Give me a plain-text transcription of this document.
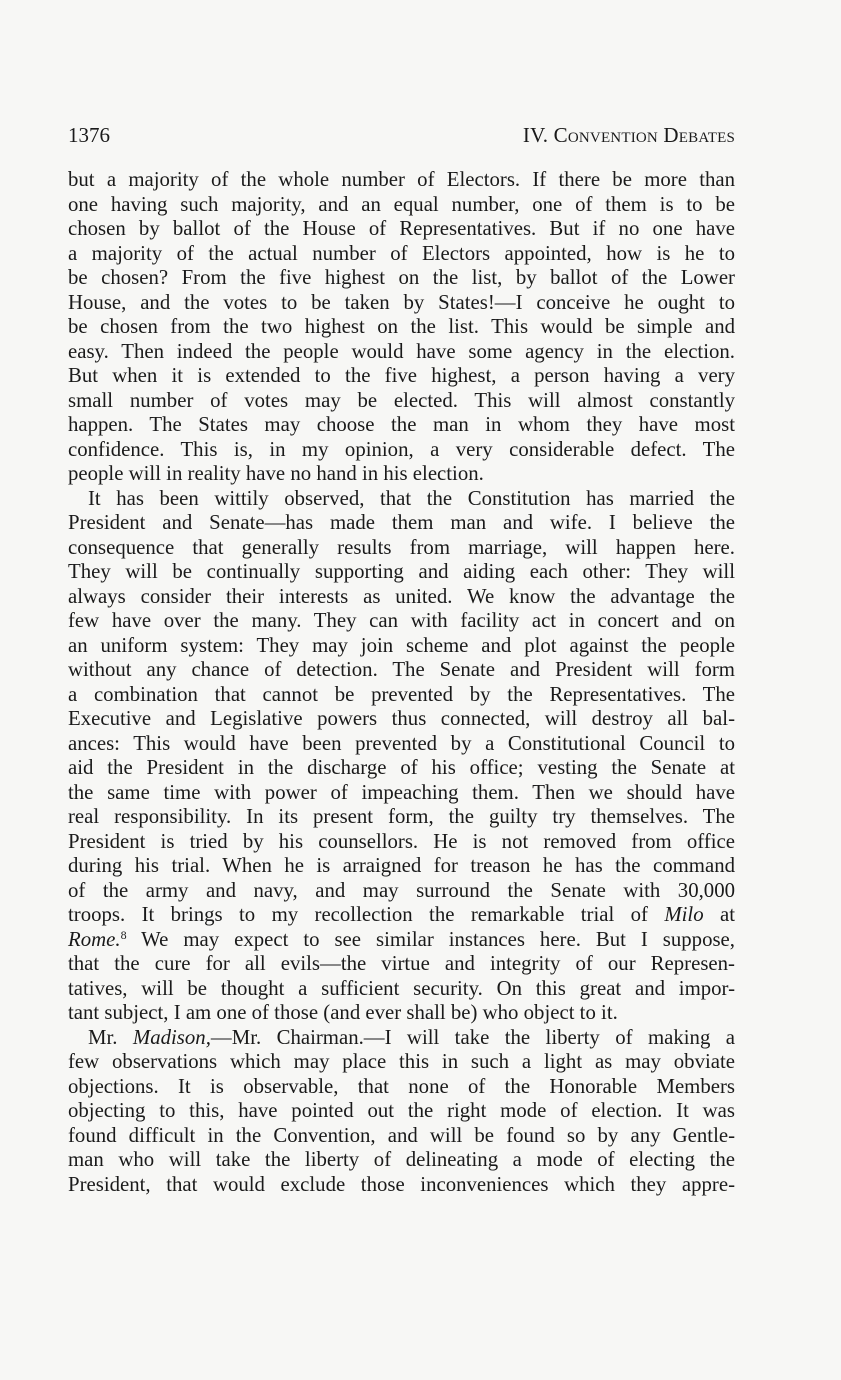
1376	IV. Convention Debates
but a majority of the whole number of Electors. If there be more than
one having such majority, and an equal number, one of them is to be
chosen by ballot of the House of Representatives. But if no one have
a majority of the actual number of Electors appointed, how is he to
be chosen? From the five highest on the list, by ballot of the Lower
House, and the votes to be taken by States!—I conceive he ought to
be chosen from the two highest on the list. This would be simple and
easy. Then indeed the people would have some agency in the election.
But when it is extended to the five highest, a person having a very
small number of votes may be elected. This will almost constantly
happen. The States may choose the man in whom they have most
confidence. This is, in my opinion, a very considerable defect. The
people will in reality have no hand in his election.
It has been wittily observed, that the Constitution has married the
President and Senate—has made them man and wife. I believe the
consequence that generally results from marriage, will happen here.
They will be continually supporting and aiding each other: They will
always consider their interests as united. We know the advantage the
few have over the many. They can with facility act in concert and on
an uniform system: They may join scheme and plot against the people
without any chance of detection. The Senate and President will form
a combination that cannot be prevented by the Representatives. The
Executive and Legislative powers thus connected, will destroy all bal-
ances: This would have been prevented by a Constitutional Council to
aid the President in the discharge of his office; vesting the Senate at
the same time with power of impeaching them. Then we should have
real responsibility. In its present form, the guilty try themselves. The
President is tried by his counsellors. He is not removed from office
during his trial. When he is arraigned for treason he has the command
of the army and navy, and may surround the Senate with 30,000
troops. It brings to my recollection the remarkable trial of Milo at
Rome.$^8$ We may expect to see similar instances here. But I suppose,
that the cure for all evils—the virtue and integrity of our Represen-
tatives, will be thought a sufficient security. On this great and impor-
tant subject, I am one of those (and ever shall be) who object to it.
Mr. Madison,—Mr. Chairman.—I will take the liberty of making a
few observations which may place this in such a light as may obviate
objections. It is observable, that none of the Honorable Members
objecting to this, have pointed out the right mode of election. It was
found difficult in the Convention, and will be found so by any Gentle-
man who will take the liberty of delineating a mode of electing the
President, that would exclude those inconveniences which they appre-
